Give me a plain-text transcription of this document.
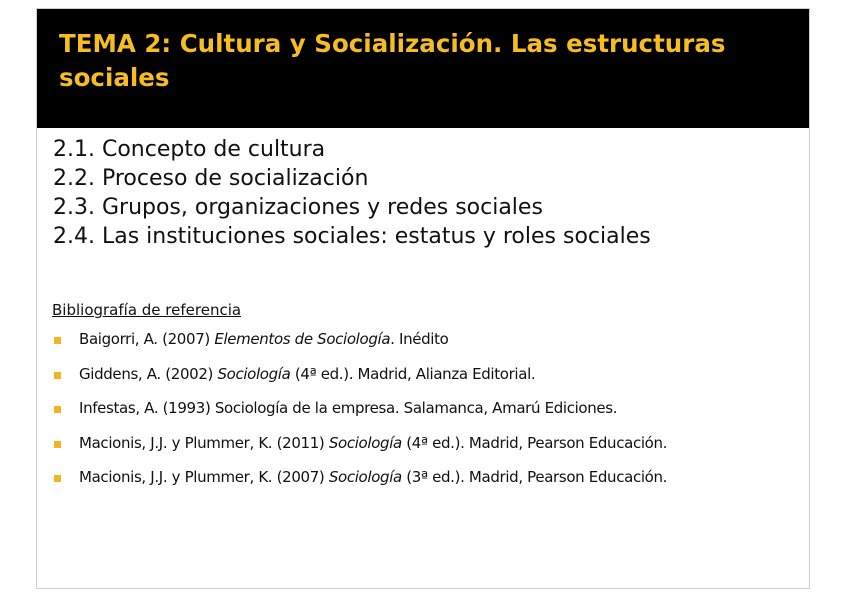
TEMA 2: Cultura y Socialización. Las estructuras sociales
2.1. Concepto de cultura
2.2. Proceso de socialización
2.3. Grupos, organizaciones y redes sociales
2.4. Las instituciones sociales: estatus y roles sociales

Bibliografía de referencia

Baigorri, A. (2007) Elementos de Sociología. Inédito
Giddens, A. (2002) Sociología (4ª ed.). Madrid, Alianza Editorial.
Infestas, A. (1993) Sociología de la empresa. Salamanca, Amarú Ediciones.
Macionis, J.J. y Plummer, K. (2011) Sociología (4ª ed.). Madrid, Pearson Educación.
Macionis, J.J. y Plummer, K. (2007) Sociología (3ª ed.). Madrid, Pearson Educación.
